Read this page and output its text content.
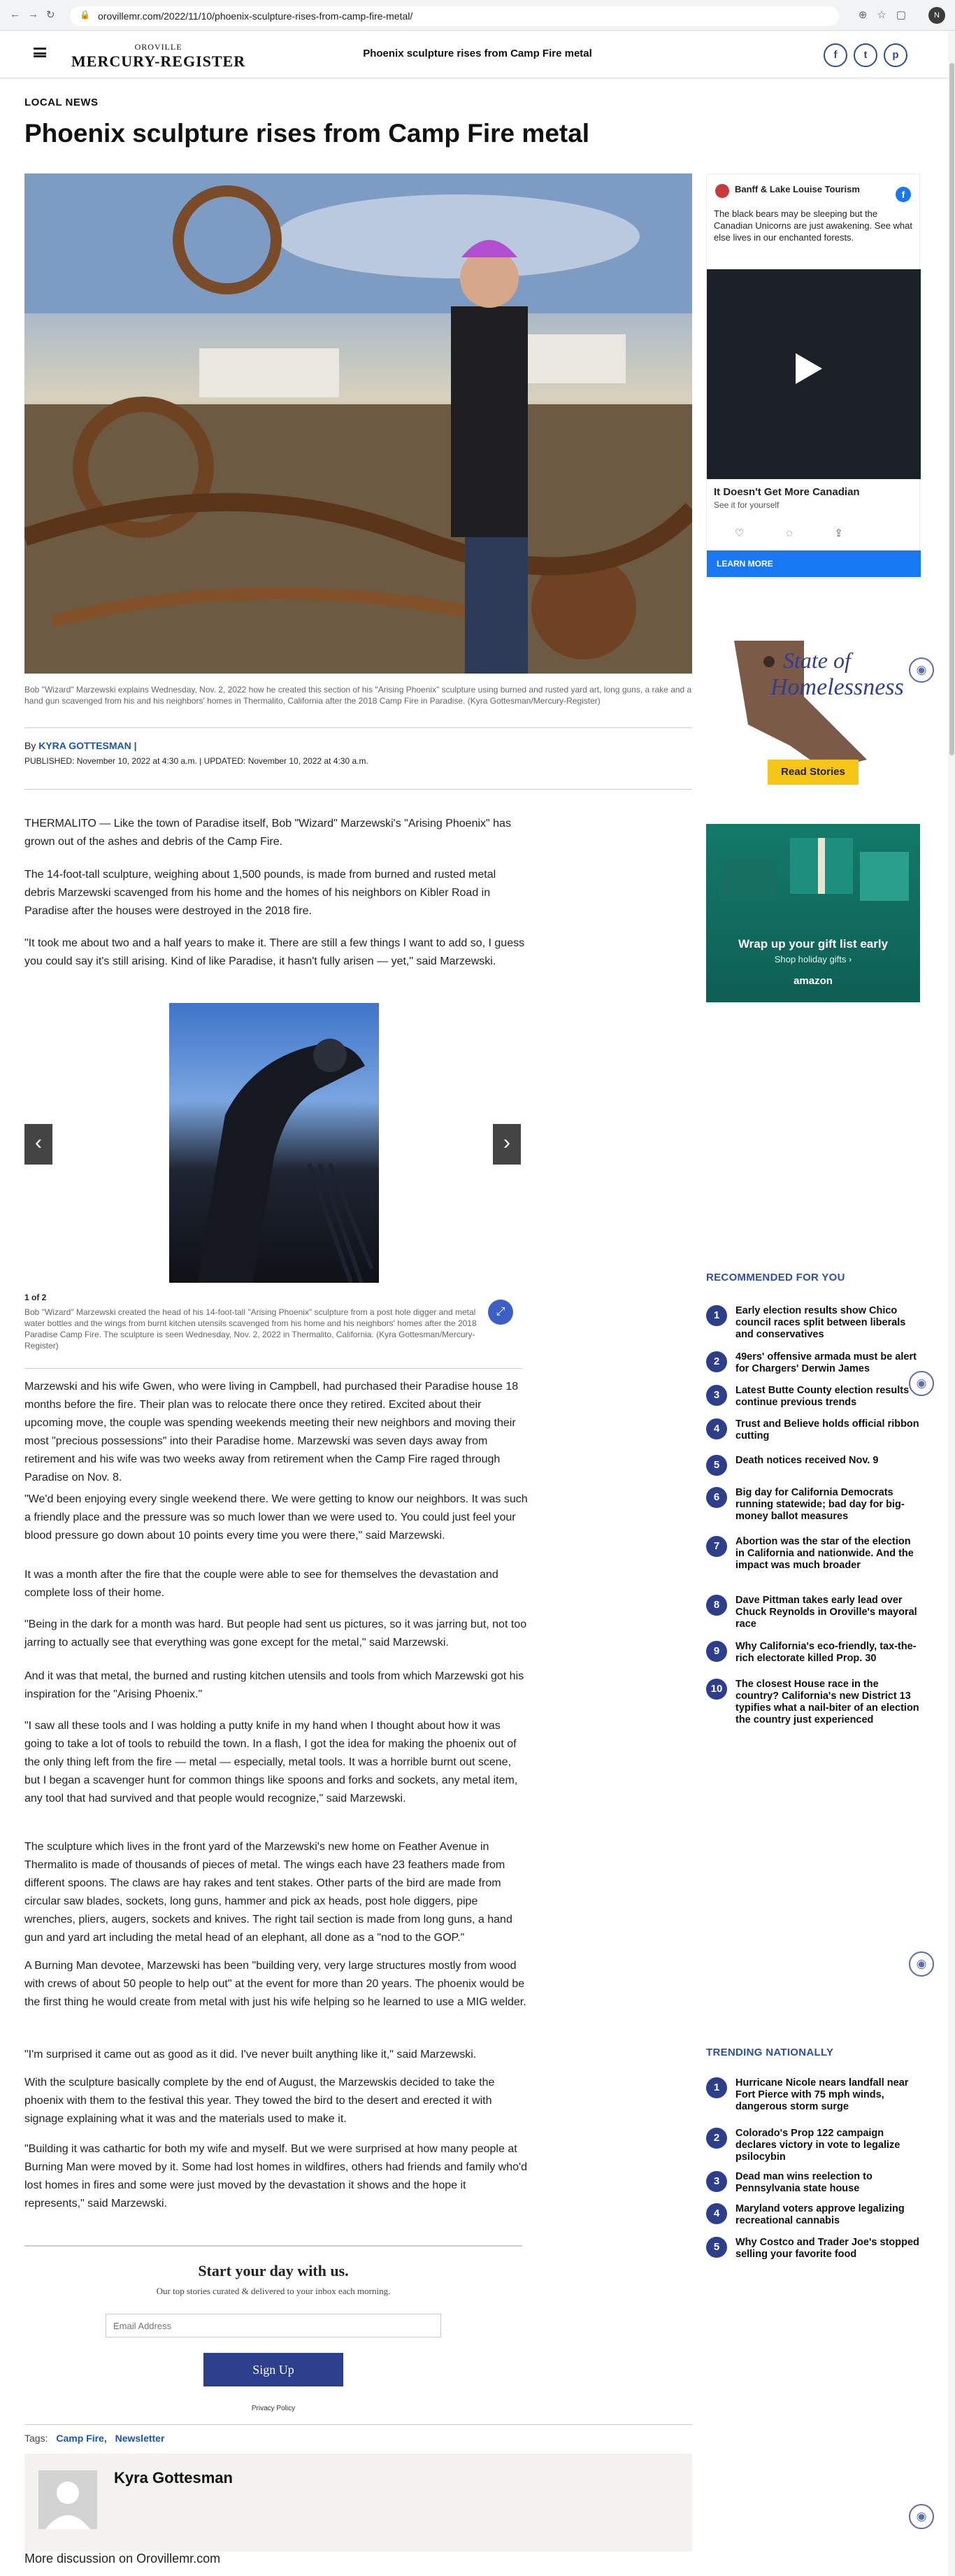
← → ↻	🔒 orovillemr.com/2022/11/10/phoenix-sculpture-rises-from-camp-fire-metal/	⊕☆▢	N
OROVILLE
MERCURY-REGISTER	Phoenix sculpture rises from Camp Fire metal	f	t	p
LOCAL NEWS
Phoenix sculpture rises from Camp Fire metal
Bob "Wizard" Marzewski explains Wednesday, Nov. 2, 2022 how he created this section of his "Arising Phoenix" sculpture using burned and rusted yard art, long guns, a rake and a hand gun scavenged from his and his neighbors' homes in Thermalito, California after the 2018 Camp Fire in Paradise. (Kyra Gottesman/Mercury-Register)
By KYRA GOTTESMAN |
PUBLISHED: November 10, 2022 at 4:30 a.m. | UPDATED: November 10, 2022 at 4:30 a.m.

THERMALITO — Like the town of Paradise itself, Bob "Wizard" Marzewski's "Arising Phoenix" has grown out of the ashes and debris of the Camp Fire.

The 14-foot-tall sculpture, weighing about 1,500 pounds, is made from burned and rusted metal debris Marzewski scavenged from his home and the homes of his neighbors on Kibler Road in Paradise after the houses were destroyed in the 2018 fire.

"It took me about two and a half years to make it. There are still a few things I want to add so, I guess you could say it's still arising. Kind of like Paradise, it hasn't fully arisen — yet," said Marzewski.

‹	›
1 of 2
Bob "Wizard" Marzewski created the head of his 14-foot-tall "Arising Phoenix" sculpture from a post hole digger and metal water bottles and the wings from burnt kitchen utensils scavenged from his home and his neighbors' homes after the 2018 Paradise Camp Fire. The sculpture is seen Wednesday, Nov. 2, 2022 in Thermalito, California. (Kyra Gottesman/Mercury-Register)
⤢

Marzewski and his wife Gwen, who were living in Campbell, had purchased their Paradise house 18 months before the fire. Their plan was to relocate there once they retired. Excited about their upcoming move, the couple was spending weekends meeting their new neighbors and moving their most "precious possessions" into their Paradise home. Marzewski was seven days away from retirement and his wife was two weeks away from retirement when the Camp Fire raged through Paradise on Nov. 8.

"We'd been enjoying every single weekend there. We were getting to know our neighbors. It was such a friendly place and the pressure was so much lower than we were used to. You could just feel your blood pressure go down about 10 points every time you were there," said Marzewski.

It was a month after the fire that the couple were able to see for themselves the devastation and complete loss of their home.

"Being in the dark for a month was hard. But people had sent us pictures, so it was jarring but, not too jarring to actually see that everything was gone except for the metal," said Marzewski.

And it was that metal, the burned and rusting kitchen utensils and tools from which Marzewski got his inspiration for the "Arising Phoenix."

"I saw all these tools and I was holding a putty knife in my hand when I thought about how it was going to take a lot of tools to rebuild the town. In a flash, I got the idea for making the phoenix out of the only thing left from the fire — metal — especially, metal tools. It was a horrible burnt out scene, but I began a scavenger hunt for common things like spoons and forks and sockets, any metal item, any tool that had survived and that people would recognize," said Marzewski.

The sculpture which lives in the front yard of the Marzewski's new home on Feather Avenue in Thermalito is made of thousands of pieces of metal. The wings each have 23 feathers made from different spoons. The claws are hay rakes and tent stakes. Other parts of the bird are made from circular saw blades, sockets, long guns, hammer and pick ax heads, post hole diggers, pipe wrenches, pliers, augers, sockets and knives. The right tail section is made from long guns, a hand gun and yard art including the metal head of an elephant, all done as a "nod to the GOP."

A Burning Man devotee, Marzewski has been "building very, very large structures mostly from wood with crews of about 50 people to help out" at the event for more than 20 years. The phoenix would be the first thing he would create from metal with just his wife helping so he learned to use a MIG welder.

"I'm surprised it came out as good as it did. I've never built anything like it," said Marzewski.

With the sculpture basically complete by the end of August, the Marzewskis decided to take the phoenix with them to the festival this year. They towed the bird to the desert and erected it with signage explaining what it was and the materials used to make it.

"Building it was cathartic for both my wife and myself. But we were surprised at how many people at Burning Man were moved by it. Some had lost homes in wildfires, others had friends and family who'd lost homes in fires and some were just moved by the devastation it shows and the hope it represents," said Marzewski.

Start your day with us.
Our top stories curated & delivered to your inbox each morning.
Email Address
Sign Up
Privacy Policy
Tags: Camp Fire, Newsletter
Kyra Gottesman
More discussion on Orovillemr.com
Banff & Lake Louise Tourism	f
The black bears may be sleeping but the Canadian Unicorns are just awakening. See what else lives in our enchanted forests.
It Doesn't Get More Canadian
See it for yourself
♡◌⇪
LEARN MORE
State of
Homelessness
Read Stories
Wrap up your gift list early
Shop holiday gifts ›
amazon
RECOMMENDED FOR YOU
1	Early election results show Chico council races split between liberals and conservatives
2	49ers' offensive armada must be alert for Chargers' Derwin James
3	Latest Butte County election results continue previous trends
4	Trust and Believe holds official ribbon cutting
5	Death notices received Nov. 9
6	Big day for California Democrats running statewide; bad day for big-money ballot measures
7	Abortion was the star of the election in California and nationwide. And the impact was much broader
8	Dave Pittman takes early lead over Chuck Reynolds in Oroville's mayoral race
9	Why California's eco-friendly, tax-the-rich electorate killed Prop. 30
10	The closest House race in the country? California's new District 13 typifies what a nail-biter of an election the country just experienced
TRENDING NATIONALLY
1	Hurricane Nicole nears landfall near Fort Pierce with 75 mph winds, dangerous storm surge
2	Colorado's Prop 122 campaign declares victory in vote to legalize psilocybin
3	Dead man wins reelection to Pennsylvania state house
4	Maryland voters approve legalizing recreational cannabis
5	Why Costco and Trader Joe's stopped selling your favorite food
◉
◉
◉
◉
